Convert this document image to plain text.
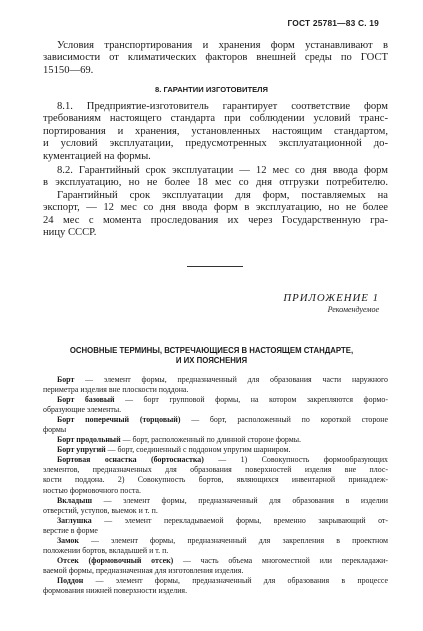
ГОСТ 25781—83 С. 19
Условия транспортирования и хранения форм устанавливают в
зависимости от климатических факторов внешней среды по ГОСТ
15150—69.
8. ГАРАНТИИ ИЗГОТОВИТЕЛЯ
8.1. Предприятие-изготовитель гарантирует соответствие форм
требованиям настоящего стандарта при соблюдении условий транс-
портирования и хранения, установленных настоящим стандартом,
и условий эксплуатации, предусмотренных эксплуатационной до-
кументацией на формы.
8.2. Гарантийный срок эксплуатации — 12 мес со дня ввода форм
в эксплуатацию, но не более 18 мес со дня отгрузки потребителю.
Гарантийный срок эксплуатации для форм, поставляемых на
экспорт, — 12 мес со дня ввода форм в эксплуатацию, но не более
24 мес с момента проследования их через Государственную гра-
ницу СССР.
ПРИЛОЖЕНИЕ 1
Рекомендуемое
ОСНОВНЫЕ ТЕРМИНЫ, ВСТРЕЧАЮЩИЕСЯ В НАСТОЯЩЕМ СТАНДАРТЕ,
И ИХ ПОЯСНЕНИЯ
Борт — элемент формы, предназначенный для образования части наружного
периметра изделия вне плоскости поддона.
Борт базовый — борт групповой формы, на котором закрепляются формо-
образующие элементы.
Борт поперечный (торцовый) — борт, расположенный по короткой стороне
формы
Борт продольный — борт, расположенный по длинной стороне формы.
Борт упругий — борт, соединенный с поддоном упругим шарниром.
Бортовая оснастка (бортоснастка) — 1) Совокупность формообразующих
элементов, предназначенных для образования поверхностей изделия вне плос-
кости поддона. 2) Совокупность бортов, являющихся инвентарной принадлеж-
ностью формовочного поста.
Вкладыш — элемент формы, предназначенный для образования в изделии
отверстий, уступов, выемок и т. п.
Заглушка — элемент перекладываемой формы, временно закрывающий от-
верстие в форме
Замок — элемент формы, предназначенный для закрепления в проектном
положении бортов, вкладышей и т. п.
Отсек (формовочный отсек) — часть объема многоместной или перекладажи-
ваемой формы, предназначенная для изготовления изделия.
Поддон — элемент формы, предназначенный для образования в процессе
формования нижней поверхности изделия.
